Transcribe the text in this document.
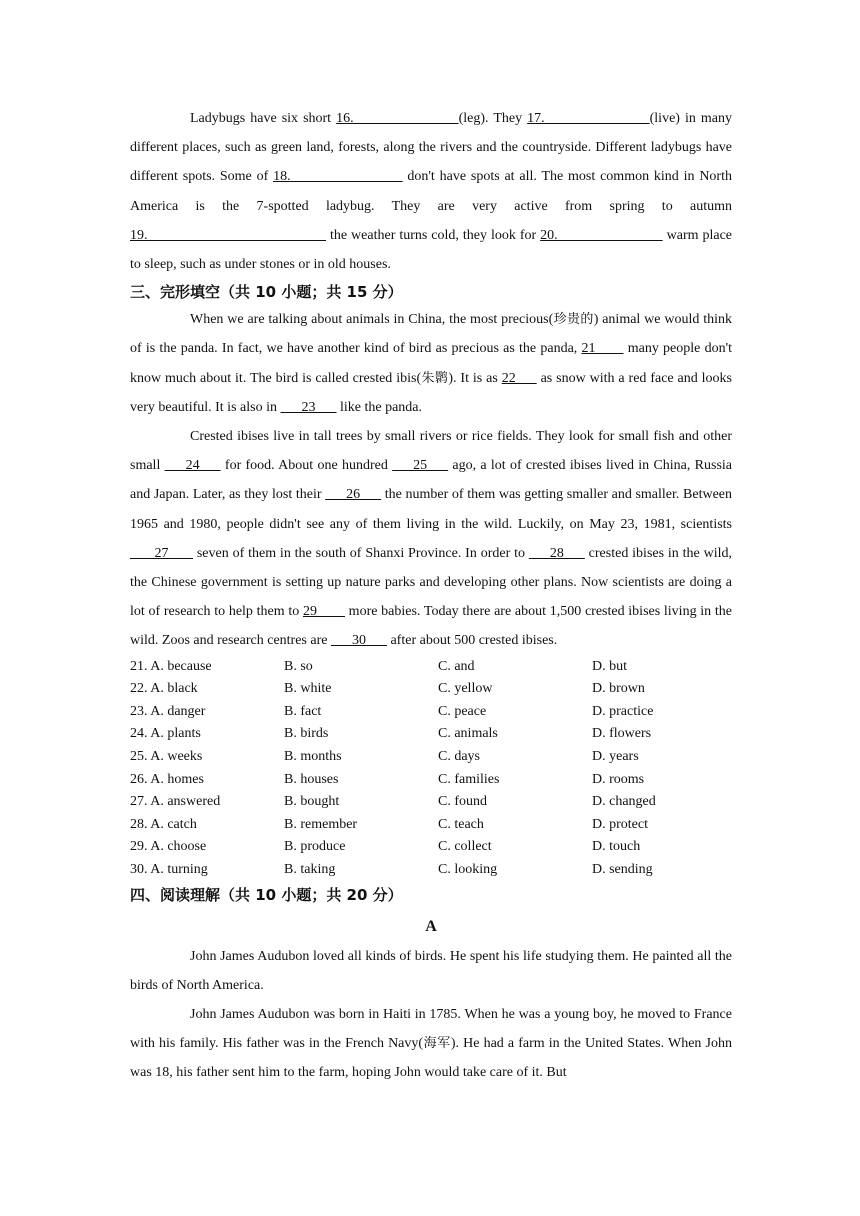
Ladybugs have six short 16.                              (leg). They 17.                              (live) in many different places, such as green land, forests, along the rivers and the countryside. Different ladybugs have different spots. Some of 18.                                 don't have spots at all. The most common kind in North America is the 7-spotted ladybug. They are very active from spring to autumn 19.                                                    the weather turns cold, they look for 20.                               warm place to sleep, such as under stones or in old houses.

三、完形填空（共 10 小题；共 15 分）

When we are talking about animals in China, the most precious(珍贵的) animal we would think of is the panda. In fact, we have another kind of bird as precious as the panda, 21         many people don't know much about it. The bird is called crested ibis(朱鹮). It is as 22       as snow with a red face and looks very beautiful. It is also in       23       like the panda.

Crested ibises live in tall trees by small rivers or rice fields. They look for small fish and other small       24       for food. About one hundred       25       ago, a lot of crested ibises lived in China, Russia and Japan. Later, as they lost their       26       the number of them was getting smaller and smaller. Between 1965 and 1980, people didn't see any of them living in the wild. Luckily, on May 23, 1981, scientists        27        seven of them in the south of Shanxi Province. In order to       28       crested ibises in the wild, the Chinese government is setting up nature parks and developing other plans. Now scientists are doing a lot of research to help them to 29         more babies. Today there are about 1,500 crested ibises living in the wild. Zoos and research centres are       30       after about 500 crested ibises.

21. A. because	B. so	C. and	D. but
22. A. black	B. white	C. yellow	D. brown
23. A. danger	B. fact	C. peace	D. practice
24. A. plants	B. birds	C. animals	D. flowers
25. A. weeks	B. months	C. days	D. years
26. A. homes	B. houses	C. families	D. rooms
27. A. answered	B. bought	C. found	D. changed
28. A. catch	B. remember	C. teach	D. protect
29. A. choose	B. produce	C. collect	D. touch
30. A. turning	B. taking	C. looking	D. sending
四、阅读理解（共 10 小题；共 20 分）
A

John James Audubon loved all kinds of birds. He spent his life studying them. He painted all the birds of North America.

John James Audubon was born in Haiti in 1785. When he was a young boy, he moved to France with his family. His father was in the French Navy(海军). He had a farm in the United States. When John was 18, his father sent him to the farm, hoping John would take care of it. But
